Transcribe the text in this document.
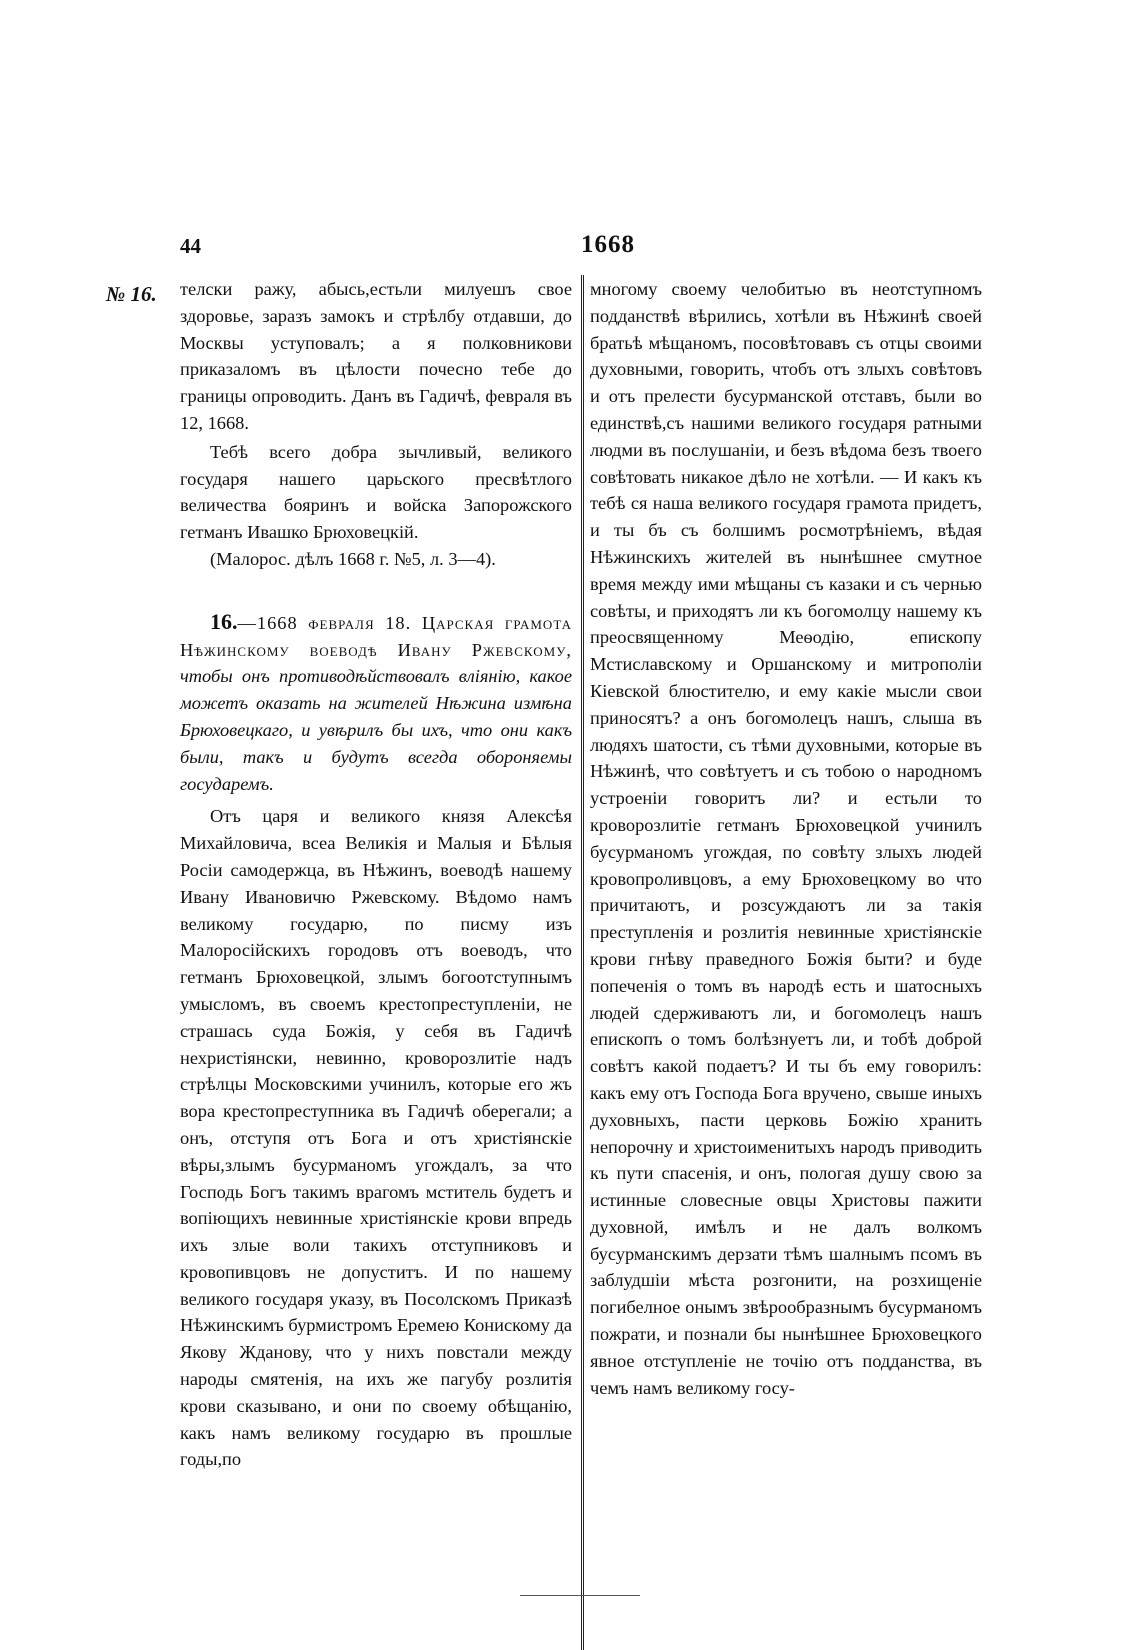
44	1668
№ 16. телски ражу, абысь,естьли милуешъ свое здоровье, заразъ замокъ и стрѣлбу отдавши, до Москвы уступовалъ; а я полковникови приказаломъ въ цѣлости почесно тебе до границы опроводить. Данъ въ Гадичѣ, февраля въ 12, 1668.

Тебѣ всего добра зычливый, великого государя нашего царьского пресвѣтлого величества бояринъ и войска Запорожского гетманъ Ивашко Брюховецкій.

(Малорос. дѣлъ 1668 г. №5, л. 3—4).

16.—1668 февраля 18. Царская грамота Нѣжинскому воеводѣ Ивану Ржевскому, чтобы онъ противодѣйствовалъ вліянію, какое можетъ оказать на жителей Нѣжина измѣна Брюховецкаго, и увѣрилъ бы ихъ, что они какъ были, такъ и будутъ всегда обороняемы государемъ.

Отъ царя и великого князя Алексѣя Михайловича, всеа Великія и Малыя и Бѣлыя Росіи самодержца, въ Нѣжинъ, воеводѣ нашему Ивану Ивановичю Ржевскому. Вѣдомо намъ великому государю, по писму изъ Малоросійскихъ городовъ отъ воеводъ, что гетманъ Брюховецкой, злымъ богоотступнымъ умысломъ, въ своемъ крестопреступленіи, не страшась суда Божія, у себя въ Гадичѣ нехристіянски, невинно, кроворозлитіе надъ стрѣлцы Московскими учинилъ, которые его жъ вора крестопреступника въ Гадичѣ оберегали; а онъ, отступя отъ Бога и отъ христіянскіе вѣры,злымъ бусурманомъ угождалъ, за что Господь Богъ такимъ врагомъ мститель будетъ и вопіющихъ невинные христіянскіе крови впредь ихъ злые воли такихъ отступниковъ и кровопивцовъ не допуститъ. И по нашему великого государя указу, въ Посолскомъ Приказѣ Нѣжинскимъ бурмистромъ Еремею Конискому да Якову Жданову, что у нихъ повстали между народы смятенія, на ихъ же пагубу розлитія крови сказывано, и они по своему обѣщанію, какъ намъ великому государю въ прошлые годы,по

многому своему челобитью въ неотступномъ подданствѣ вѣрились, хотѣли въ Нѣжинѣ своей братьѣ мѣщаномъ, посовѣтовавъ съ отцы своими духовными, говорить, чтобъ отъ злыхъ совѣтовъ и отъ прелести бусурманской отставъ, были во единствѣ,съ нашими великого государя ратными людми въ послушаніи, и безъ вѣдома безъ твоего совѣтовать никакое дѣло не хотѣли. — И какъ къ тебѣ ся наша великого государя грамота придетъ, и ты бъ съ болшимъ росмотрѣніемъ, вѣдая Нѣжинскихъ жителей въ нынѣшнее смутное время между ими мѣщаны съ казаки и съ чернью совѣты, и приходятъ ли къ богомолцу нашему къ преосвященному Меѳодію, епископу Мстиславскому и Оршанскому и митрополіи Кіевской блюстителю, и ему какіе мысли свои приносятъ? а онъ богомолецъ нашъ, слыша въ людяхъ шатости, съ тѣми духовными, которые въ Нѣжинѣ, что совѣтуетъ и съ тобою о народномъ устроеніи говоритъ ли? и естьли то кроворозлитіе гетманъ Брюховецкой учинилъ бусурманомъ угождая, по совѣту злыхъ людей кровопроливцовъ, а ему Брюховецкому во что причитаютъ, и розсуждаютъ ли за такія преступленія и розлитія невинные христіянскіе крови гнѣву праведного Божія быти? и буде попеченія о томъ въ народѣ есть и шатосныхъ людей сдерживаютъ ли, и богомолецъ нашъ епископъ о томъ болѣзнуетъ ли, и тобѣ доброй совѣтъ какой подаетъ? И ты бъ ему говорилъ: какъ ему отъ Господа Бога вручено, свыше иныхъ духовныхъ, пасти церковь Божію хранить непорочну и христоименитыхъ народъ приводить къ пути спасенія, и онъ, пологая душу свою за истинные словесные овцы Христовы пажити духовной, имѣлъ и не далъ волкомъ бусурманскимъ дерзати тѣмъ шалнымъ псомъ въ заблудшіи мѣста розгонити, на розхищеніе погибелное онымъ звѣрообразнымъ бусурманомъ пожрати, и познали бы нынѣшнее Брюховецкого явное отступленіе не точію отъ подданства, въ чемъ намъ великому госу-
